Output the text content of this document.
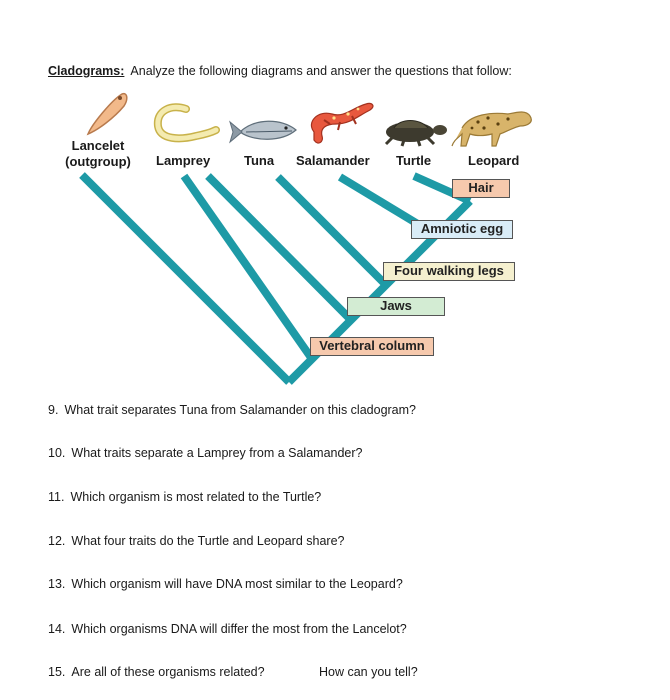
Cladograms: Analyze the following diagrams and answer the questions that follow:
Lancelet
(outgroup)	Lamprey	Tuna Salamander Turtle	Leopard
Hair
Amniotic egg
Four walking legs
Jaws
Vertebral column
9. What trait separates Tuna from Salamander on this cladogram?
10. What traits separate a Lamprey from a Salamander?
11. Which organism is most related to the Turtle?
12. What four traits do the Turtle and Leopard share?
13. Which organism will have DNA most similar to the Leopard?
14. Which organisms DNA will differ the most from the Lancelot?
15. Are all of these organisms related?	How can you tell?
